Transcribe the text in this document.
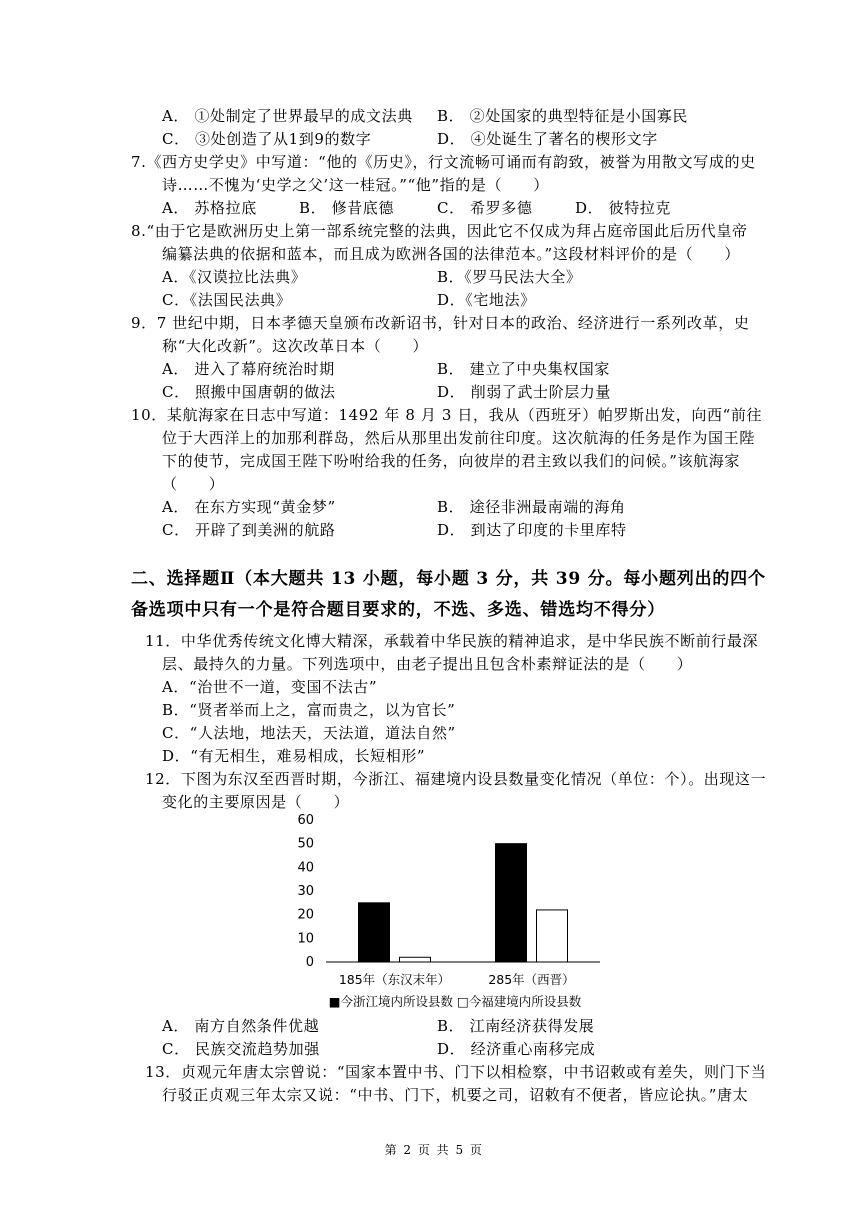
A． ①处制定了世界最早的成文法典 B． ②处国家的典型特征是小国寡民
C． ③处创造了从1到9的数字	D． ④处诞生了著名的楔形文字
7.《西方史学史》中写道：“他的《历史》，行文流畅可诵而有韵致，被誉为用散文写成的史
诗……不愧为‘史学之父’这一桂冠。”“他”指的是（　　）
A． 苏格拉底	B． 修昔底德	C． 希罗多德	D． 彼特拉克
8.“由于它是欧洲历史上第一部系统完整的法典，因此它不仅成为拜占庭帝国此后历代皇帝
编纂法典的依据和蓝本，而且成为欧洲各国的法律范本。”这段材料评价的是（　　）
A．《汉谟拉比法典》	B．《罗马民法大全》
C．《法国民法典》	D．《宅地法》
9．7 世纪中期，日本孝德天皇颁布改新诏书，针对日本的政治、经济进行一系列改革，史
称“大化改新”。这次改革日本（　　）
A． 进入了幕府统治时期	B． 建立了中央集权国家
C． 照搬中国唐朝的做法	D． 削弱了武士阶层力量
10．某航海家在日志中写道：1492 年 8 月 3 日，我从（西班牙）帕罗斯出发，向西“前往
位于大西洋上的加那利群岛，然后从那里出发前往印度。这次航海的任务是作为国王陛
下的使节，完成国王陛下吩咐给我的任务，向彼岸的君主致以我们的问候。”该航海家
（　　）
A． 在东方实现“黄金梦”	B． 途径非洲最南端的海角
C． 开辟了到美洲的航路	D． 到达了印度的卡里库特
二、选择题Ⅱ（本大题共 13 小题，每小题 3 分，共 39 分。每小题列出的四个
备选项中只有一个是符合题目要求的，不选、多选、错选均不得分）
11．中华优秀传统文化博大精深，承载着中华民族的精神追求，是中华民族不断前行最深
层、最持久的力量。下列选项中，由老子提出且包含朴素辩证法的是（　　）
A．“治世不一道，变国不法古”
B．“贤者举而上之，富而贵之，以为官长”
C．“人法地，地法天，天法道，道法自然”
D．“有无相生，难易相成，长短相形”
12．下图为东汉至西晋时期，今浙江、福建境内设县数量变化情况（单位：个）。出现这一
变化的主要原因是（　　）
0
10
20
30
40
50
60
185年（东汉末年）	285年（西晋）
■今浙江境内所设县数 □今福建境内所设县数
A． 南方自然条件优越	B． 江南经济获得发展
C． 民族交流趋势加强	D． 经济重心南移完成
13．贞观元年唐太宗曾说：“国家本置中书、门下以相检察，中书诏敕或有差失，则门下当
行驳正贞观三年太宗又说：“中书、门下，机要之司，诏敕有不便者，皆应论执。”唐太
第 2 页 共 5 页
